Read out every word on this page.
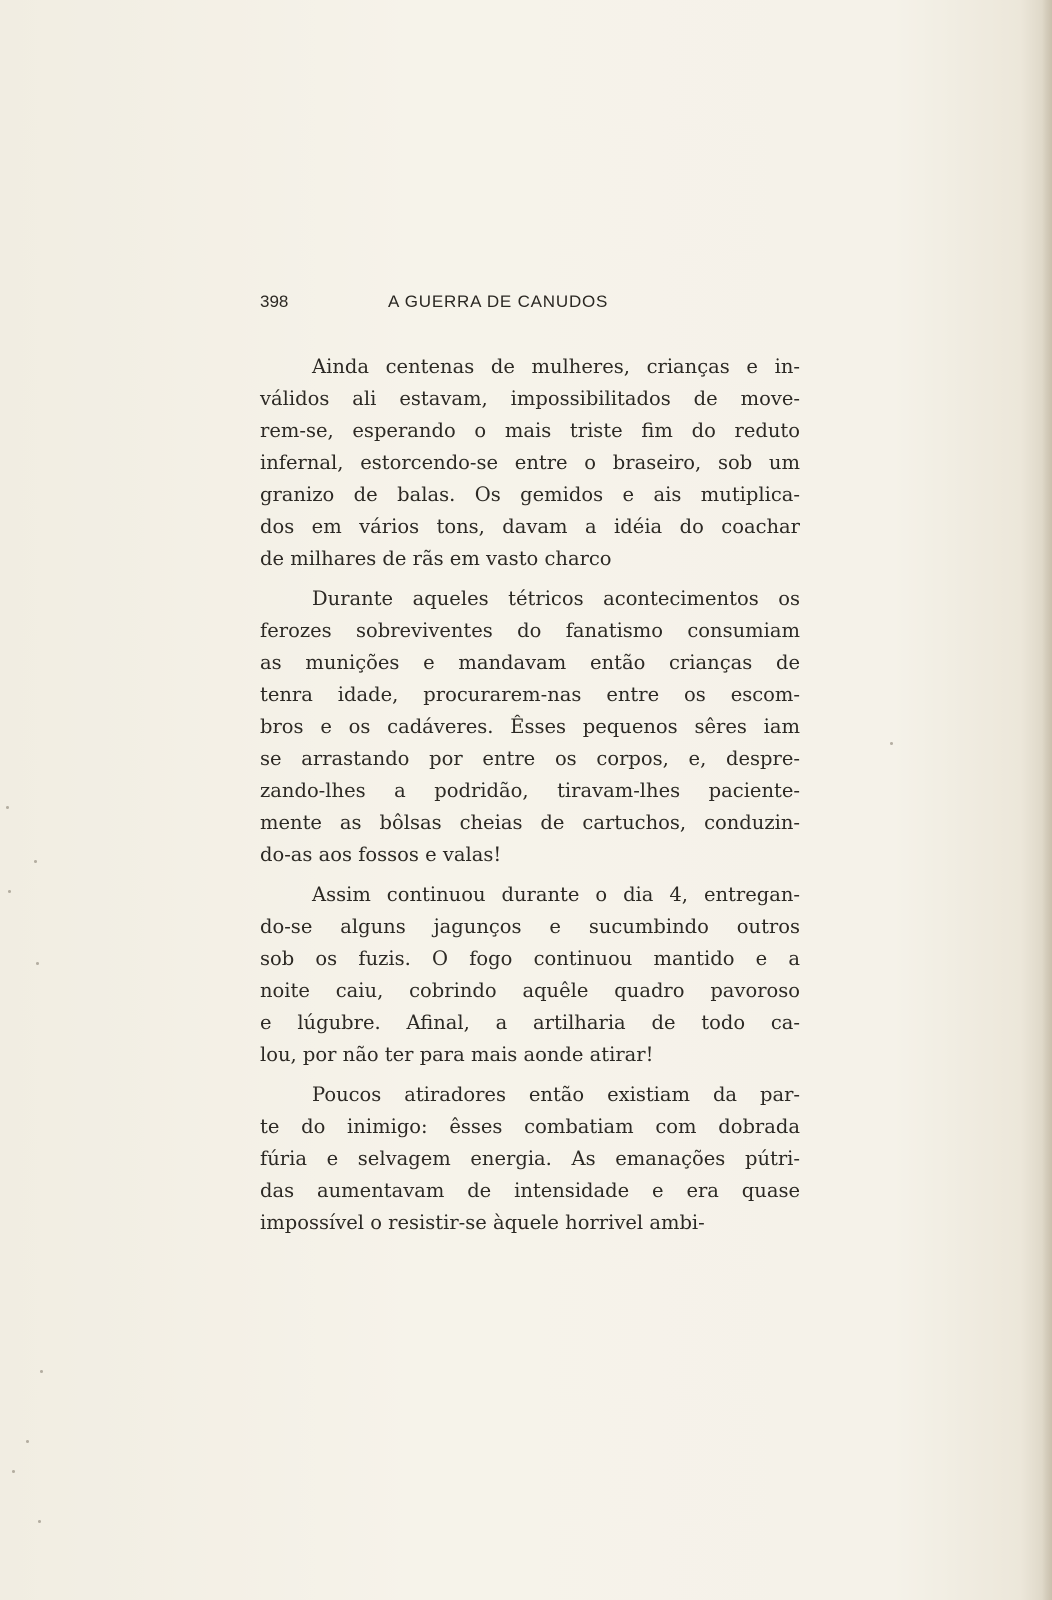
398	A GUERRA DE CANUDOS
Ainda centenas de mulheres, crianças e in-
válidos ali estavam, impossibilitados de move-
rem-se, esperando o mais triste fim do reduto
infernal, estorcendo-se entre o braseiro, sob um
granizo de balas. Os gemidos e ais mutiplica-
dos em vários tons, davam a idéia do coachar
de milhares de rãs em vasto charco
Durante aqueles tétricos acontecimentos os
ferozes sobreviventes do fanatismo consumiam
as munições e mandavam então crianças de
tenra idade, procurarem-nas entre os escom-
bros e os cadáveres. Êsses pequenos sêres iam
se arrastando por entre os corpos, e, despre-
zando-lhes a podridão, tiravam-lhes paciente-
mente as bôlsas cheias de cartuchos, conduzin-
do-as aos fossos e valas!
Assim continuou durante o dia 4, entregan-
do-se alguns jagunços e sucumbindo outros
sob os fuzis. O fogo continuou mantido e a
noite caiu, cobrindo aquêle quadro pavoroso
e lúgubre. Afinal, a artilharia de todo ca-
lou, por não ter para mais aonde atirar!
Poucos atiradores então existiam da par-
te do inimigo: êsses combatiam com dobrada
fúria e selvagem energia. As emanações pútri-
das aumentavam de intensidade e era quase
impossível o resistir-se àquele horrivel ambi-
